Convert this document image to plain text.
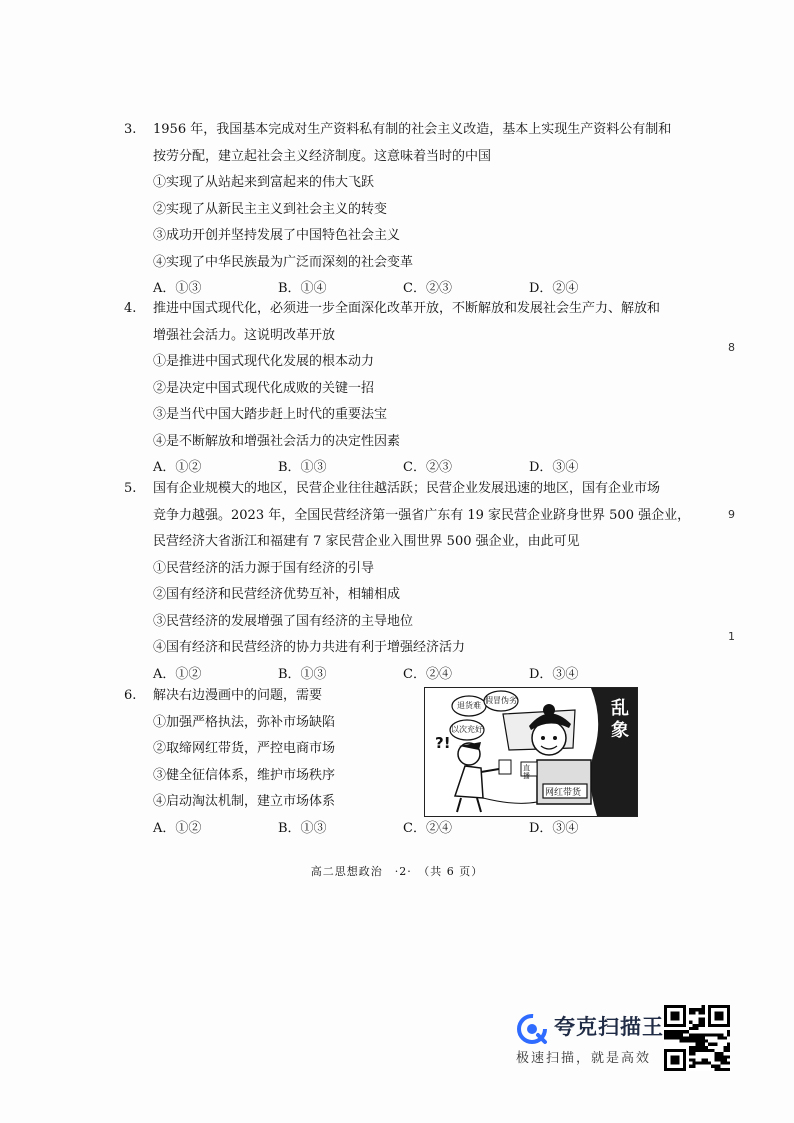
3. 1956 年，我国基本完成对生产资料私有制的社会主义改造，基本上实现生产资料公有制和
按劳分配，建立起社会主义经济制度。这意味着当时的中国
①实现了从站起来到富起来的伟大飞跃
②实现了从新民主主义到社会主义的转变
③成功开创并坚持发展了中国特色社会主义
④实现了中华民族最为广泛而深刻的社会变革
A．①③	B．①④	C．②③	D．②④
4. 推进中国式现代化，必须进一步全面深化改革开放，不断解放和发展社会生产力、解放和
增强社会活力。这说明改革开放
①是推进中国式现代化发展的根本动力
②是决定中国式现代化成败的关键一招
③是当代中国大踏步赶上时代的重要法宝
④是不断解放和增强社会活力的决定性因素
A．①②	B．①③	C．②③	D．③④
5. 国有企业规模大的地区，民营企业往往越活跃；民营企业发展迅速的地区，国有企业市场
竞争力越强。2023 年，全国民营经济第一强省广东有 19 家民营企业跻身世界 500 强企业，
民营经济大省浙江和福建有 7 家民营企业入围世界 500 强企业，由此可见
①民营经济的活力源于国有经济的引导
②国有经济和民营经济优势互补，相辅相成
③民营经济的发展增强了国有经济的主导地位
④国有经济和民营经济的协力共进有利于增强经济活力
A．①②	B．①③	C．②④	D．③④
6. 解决右边漫画中的问题，需要
①加强严格执法，弥补市场缺陷
②取缔网红带货，严控电商市场
③健全征信体系，维护市场秩序
④启动淘汰机制，建立市场体系
A．①②	B．①③	C．②④	D．③④
退货难
假冒伪劣
以次充好
?!
直播
网红带货
乱象
8
9
1
高二思想政治　·2·　（共 6 页）
夸克扫描王
极速扫描，就是高效
